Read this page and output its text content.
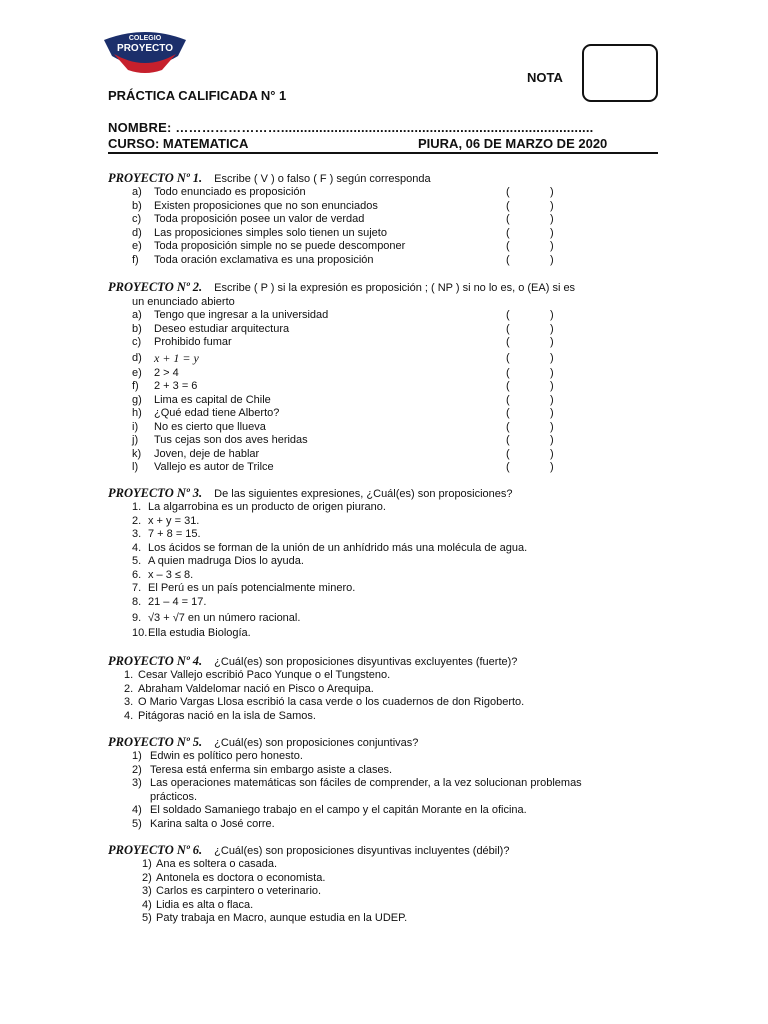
COLEGIO
PROYECTO
NOTA
PRÁCTICA CALIFICADA N° 1
NOMBRE: ……………………..................................................................................
CURSO: MATEMATICA	PIURA, 06 DE MARZO DE 2020
PROYECTO Nº 1. Escribe ( V ) o falso ( F ) según corresponda
a) Todo enunciado es proposición	(	)
b) Existen proposiciones que no son enunciados	(	)
c) Toda proposición posee un valor de verdad	(	)
d) Las proposiciones simples solo tienen un sujeto	(	)
e) Toda proposición simple no se puede descomponer	(	)
f) Toda oración exclamativa es una proposición	(	)
PROYECTO Nº 2. Escribe ( P ) si la expresión es proposición ; ( NP ) si no lo es, o (EA) si es
un enunciado abierto
a) Tengo que ingresar a la universidad	(	)
b) Deseo estudiar arquitectura	(	)
c) Prohibido fumar	(	)
d) x + 1 = y	(	)
e) 2 > 4	(	)
f) 2 + 3 = 6	(	)
g) Lima es capital de Chile	(	)
h) ¿Qué edad tiene Alberto?	(	)
i) No es cierto que llueva	(	)
j) Tus cejas son dos aves heridas	(	)
k) Joven, deje de hablar	(	)
l) Vallejo es autor de Trilce	(	)
PROYECTO Nº 3. De las siguientes expresiones, ¿Cuál(es) son proposiciones?
1. La algarrobina es un producto de origen piurano.
2. x + y = 31.
3. 7 + 8 = 15.
4. Los ácidos se forman de la unión de un anhídrido más una molécula de agua.
5. A quien madruga Dios lo ayuda.
6. x – 3 ≤ 8.
7. El Perú es un país potencialmente minero.
8. 21 – 4 = 17.
9. √3 + √7 en un número racional.
10. Ella estudia Biología.
PROYECTO Nº 4. ¿Cuál(es) son proposiciones disyuntivas excluyentes (fuerte)?
1. Cesar Vallejo escribió Paco Yunque o el Tungsteno.
2. Abraham Valdelomar nació en Pisco o Arequipa.
3. O Mario Vargas Llosa escribió la casa verde o los cuadernos de don Rigoberto.
4. Pitágoras nació en la isla de Samos.
PROYECTO Nº 5. ¿Cuál(es) son proposiciones conjuntivas?
1) Edwin es político pero honesto.
2) Teresa está enferma sin embargo asiste a clases.
3) Las operaciones matemáticas son fáciles de comprender, a la vez solucionan problemas
prácticos.
4) El soldado Samaniego trabajo en el campo y el capitán Morante en la oficina.
5) Karina salta o José corre.
PROYECTO Nº 6. ¿Cuál(es) son proposiciones disyuntivas incluyentes (débil)?
1) Ana es soltera o casada.
2) Antonela es doctora o economista.
3) Carlos es carpintero o veterinario.
4) Lidia es alta o flaca.
5) Paty trabaja en Macro, aunque estudia en la UDEP.
